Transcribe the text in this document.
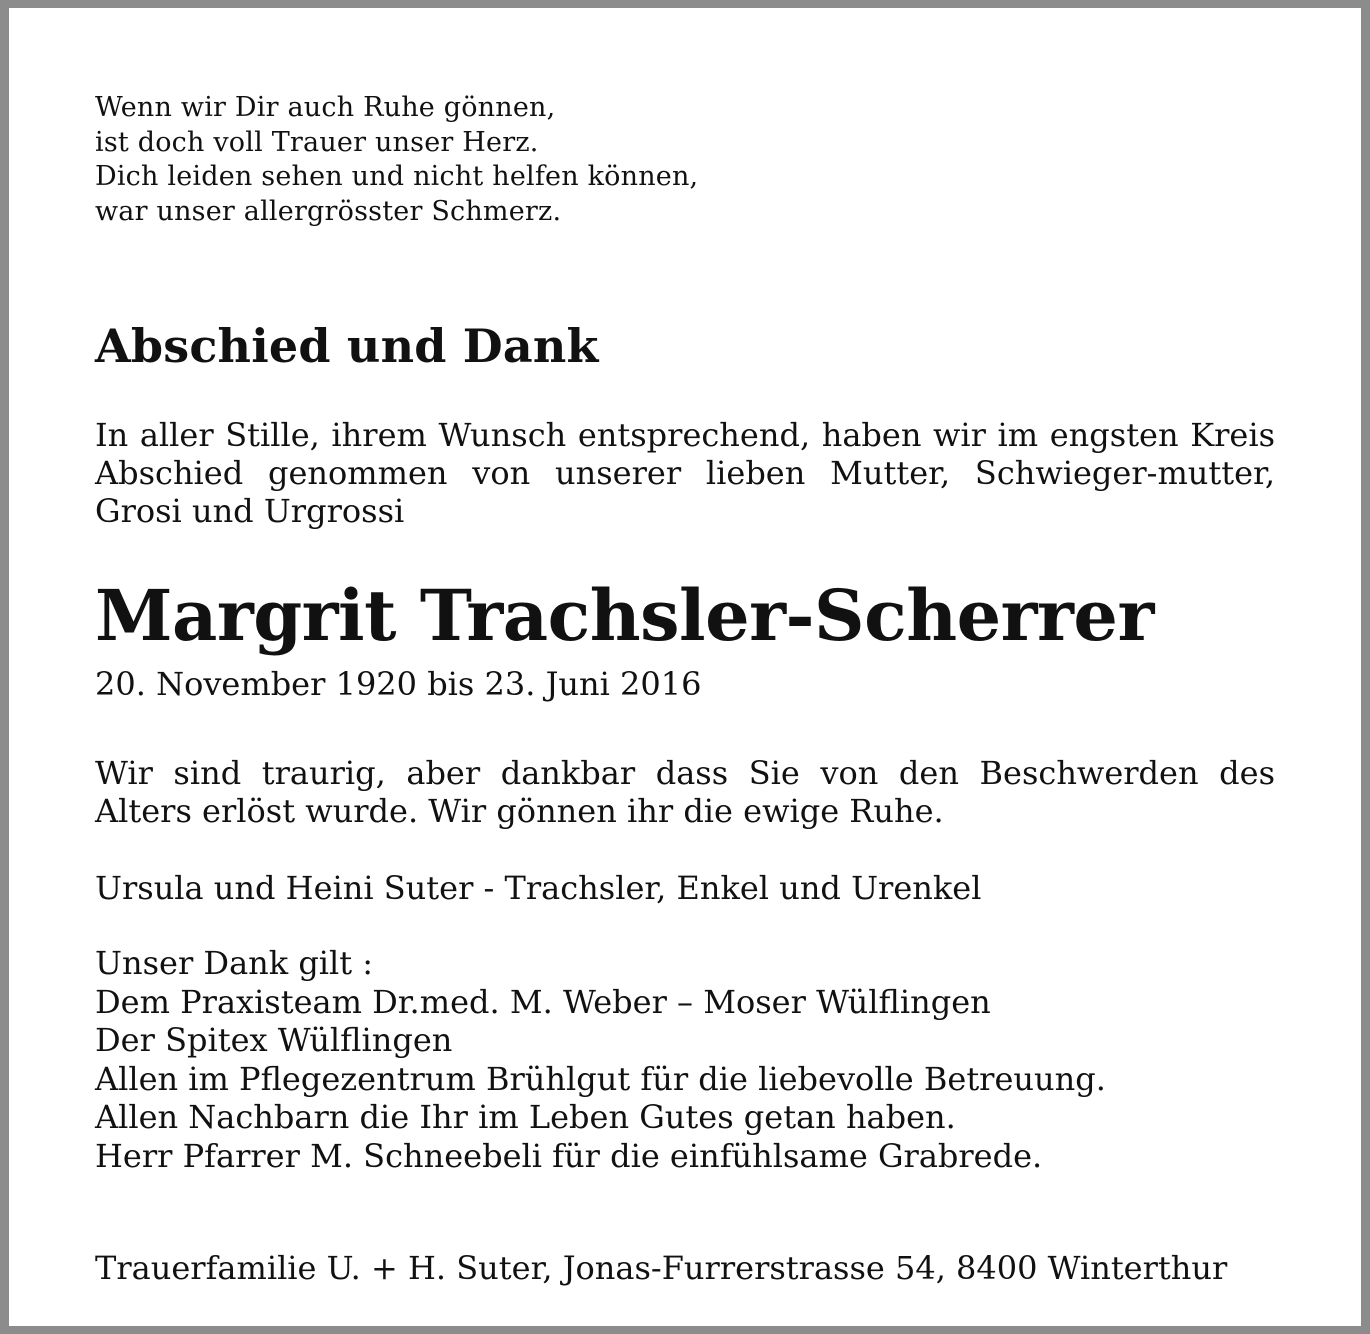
Wenn wir Dir auch Ruhe gönnen,
ist doch voll Trauer unser Herz.
Dich leiden sehen und nicht helfen können,
war unser allergrösster Schmerz.
Abschied und Dank
In aller Stille, ihrem Wunsch entsprechend, haben wir im engsten Kreis Abschied genommen von unserer lieben Mutter, Schwieger-mutter, Grosi und Urgrossi
Margrit Trachsler-Scherrer
20. November 1920 bis 23. Juni 2016
Wir sind traurig, aber dankbar dass Sie von den Beschwerden des Alters erlöst wurde. Wir gönnen ihr die ewige Ruhe.
Ursula und Heini Suter - Trachsler, Enkel und Urenkel
Unser Dank gilt :
Dem Praxisteam Dr.med. M. Weber – Moser Wülflingen
Der Spitex Wülflingen
Allen im Pflegezentrum Brühlgut für die liebevolle Betreuung.
Allen Nachbarn die Ihr im Leben Gutes getan haben.
Herr Pfarrer M. Schneebeli für die einfühlsame Grabrede.
Trauerfamilie U. + H. Suter, Jonas-Furrerstrasse 54, 8400 Winterthur
